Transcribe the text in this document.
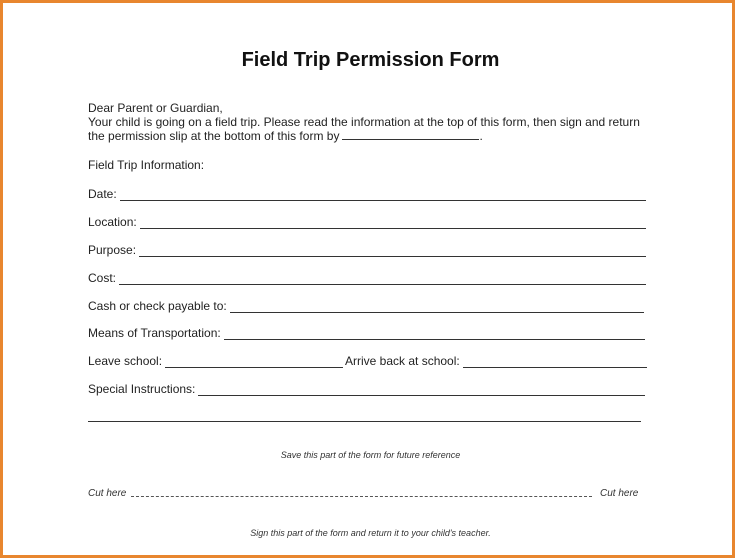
Field Trip Permission Form
Dear Parent or Guardian,
Your child is going on a field trip. Please read the information at the top of this form, then sign and return
the permission slip at the bottom of this form by	.
Field Trip Information:
Date:
Location:
Purpose:
Cost:
Cash or check payable to:
Means of Transportation:
Leave school:	Arrive back at school:
Special Instructions:
Save this part of the form for future reference
Cut here	Cut here
Sign this part of the form and return it to your child's teacher.
